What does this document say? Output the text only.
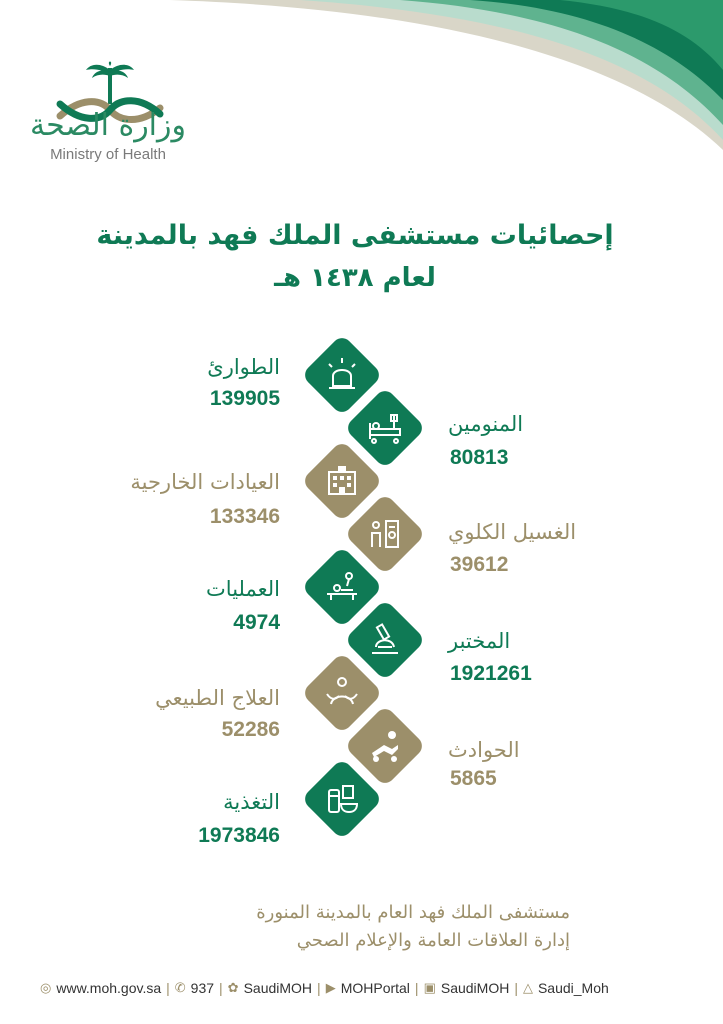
وزارة الصحة
Ministry of Health
إحصائيات مستشفى الملك فهد بالمدينة
لعام ١٤٣٨ هـ
الطوارئ
139905
المنومين
80813
العيادات الخارجية
133346
الغسيل الكلوي
39612
العمليات
4974
المختبر
1921261
العلاج الطبيعي
52286
الحوادث
5865
التغذية
1973846
مستشفى الملك فهد العام بالمدينة المنورة
إدارة العلاقات العامة والإعلام الصحي
◎ www.moh.gov.sa | ✆ 937 | ✿ SaudiMOH | ▶ MOHPortal | ▣ SaudiMOH | △ Saudi_Moh
